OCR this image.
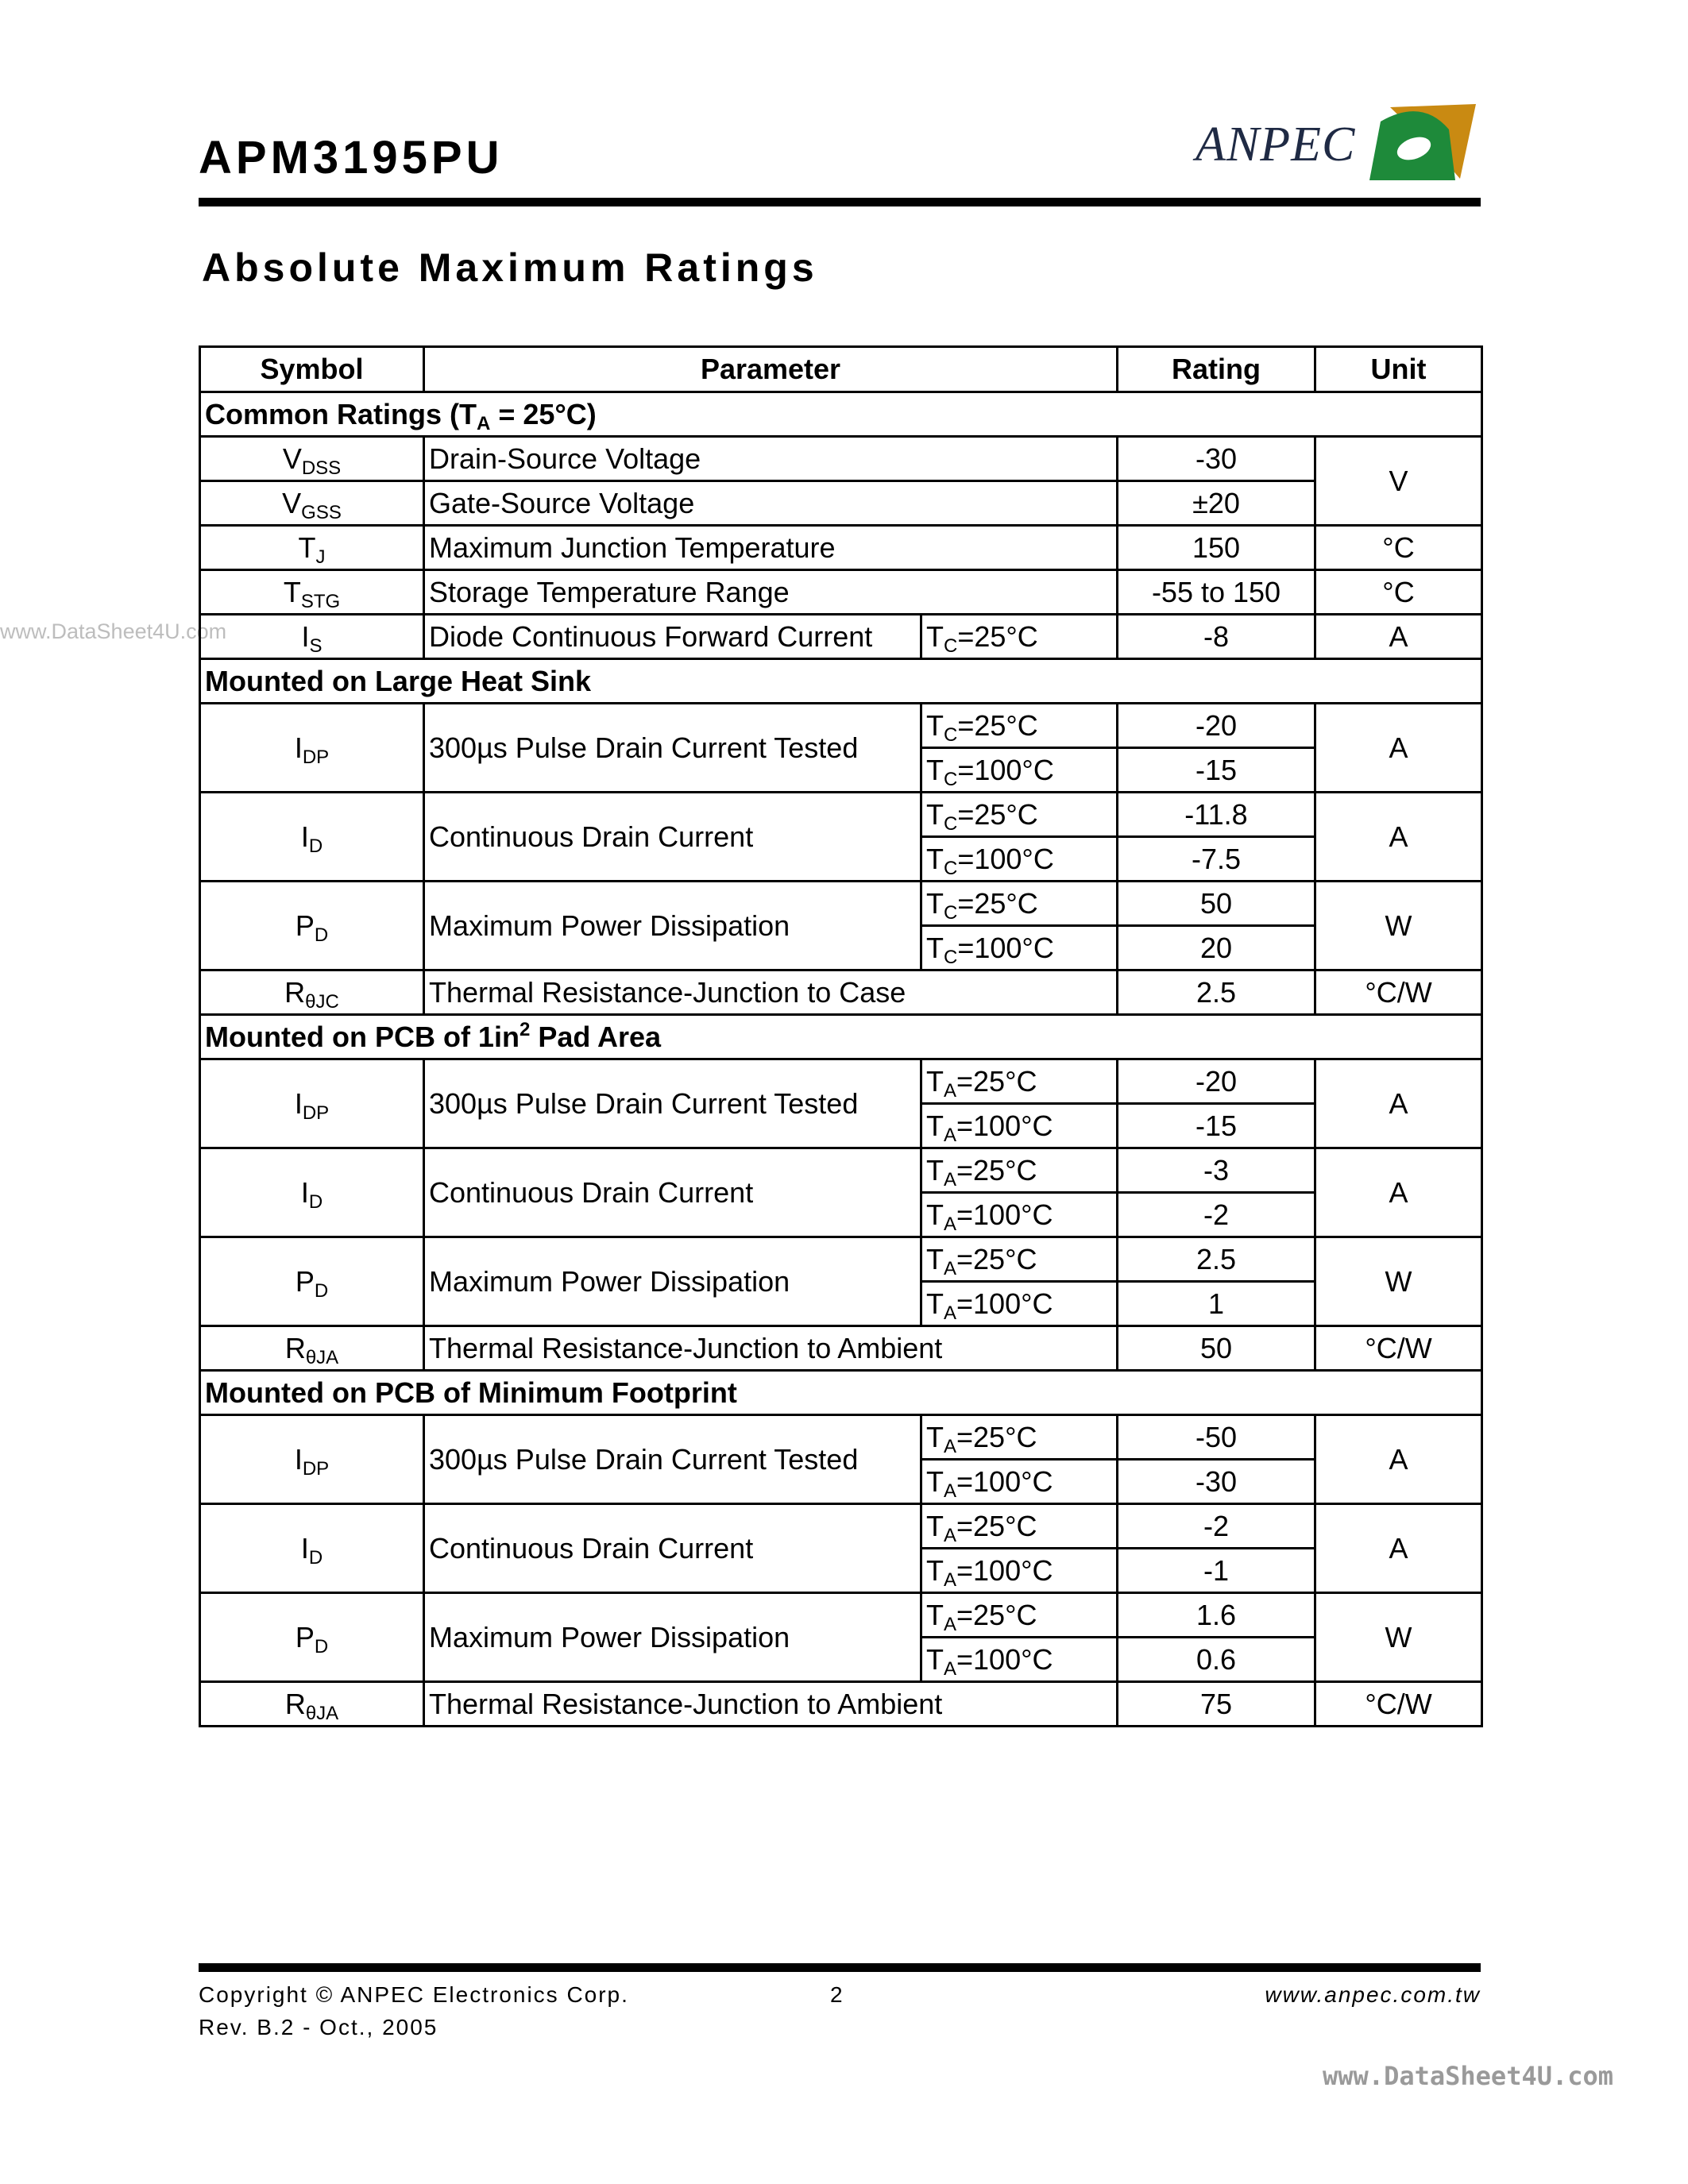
APM3195PU	ANPEC
Absolute Maximum Ratings
www.DataSheet4U.com
Symbol	Parameter		Rating	Unit
Common Ratings $(T_A = 25^\circ C)$				
$V_{DSS}$	Drain-Source Voltage		-30	V
$V_{GSS}$	Gate-Source Voltage		±20	
$T_J$	Maximum Junction Temperature		150	°C
$T_{STG}$	Storage Temperature Range		-55 to 150	°C
$I_S$	Diode Continuous Forward Current	$T_C=25^\circ C$	-8	A
Mounted on Large Heat Sink				
$I_{DP}$	300µs Pulse Drain Current Tested	$T_C=25^\circ C$	-20	A
		$T_C=100^\circ C$	-15	
$I_D$	Continuous Drain Current	$T_C=25^\circ C$	-11.8	A
		$T_C=100^\circ C$	-7.5	
$P_D$	Maximum Power Dissipation	$T_C=25^\circ C$	50	W
		$T_C=100^\circ C$	20	
$R_{\theta JC}$	Thermal Resistance-Junction to Case		2.5	°C/W
Mounted on PCB of $1in^2$ Pad Area				
$I_{DP}$	300µs Pulse Drain Current Tested	$T_A=25^\circ C$	-20	A
		$T_A=100^\circ C$	-15	
$I_D$	Continuous Drain Current	$T_A=25^\circ C$	-3	A
		$T_A=100^\circ C$	-2	
$P_D$	Maximum Power Dissipation	$T_A=25^\circ C$	2.5	W
		$T_A=100^\circ C$	1	
$R_{\theta JA}$	Thermal Resistance-Junction to Ambient		50	°C/W
Mounted on PCB of Minimum Footprint				
$I_{DP}$	300µs Pulse Drain Current Tested	$T_A=25^\circ C$	-50	A
		$T_A=100^\circ C$	-30	
$I_D$	Continuous Drain Current	$T_A=25^\circ C$	-2	A
		$T_A=100^\circ C$	-1	
$P_D$	Maximum Power Dissipation	$T_A=25^\circ C$	1.6	W
		$T_A=100^\circ C$	0.6	
$R_{\theta JA}$	Thermal Resistance-Junction to Ambient		75	°C/W
Copyright © ANPEC Electronics Corp.	2	www.anpec.com.tw
Rev. B.2 - Oct., 2005
www.DataSheet4U.com
